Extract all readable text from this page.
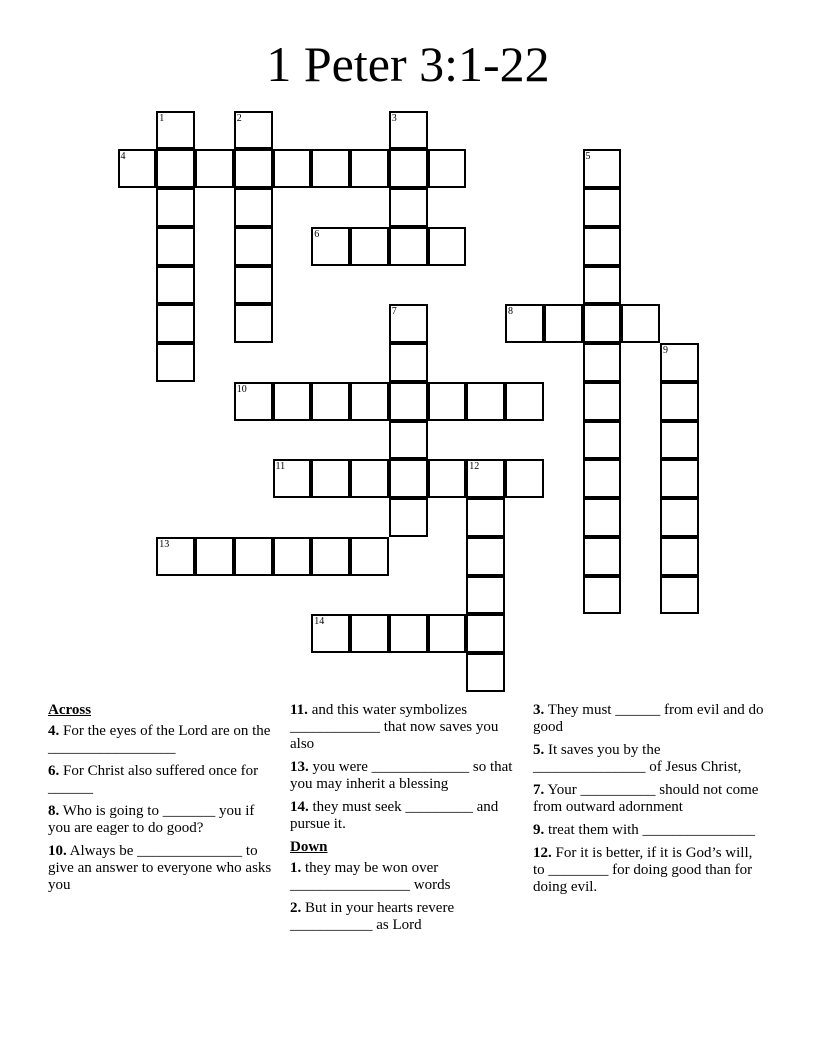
1 Peter 3:1-22
1	2	3
4	5
6
7	8
9
10
11	12
13
14
Across
4. For the eyes of the Lord are on the _________________
6. For Christ also suffered once for ______
8. Who is going to _______ you if you are eager to do good?
10. Always be ______________ to give an answer to everyone who asks you
11. and this water symbolizes ____________ that now saves you also
13. you were _____________ so that you may inherit a blessing
14. they must seek _________ and pursue it.
Down
1. they may be won over ________________ words
2. But in your hearts revere ___________ as Lord
3. They must ______ from evil and do good
5. It saves you by the _______________ of Jesus Christ,
7. Your __________ should not come from outward adornment
9. treat them with _______________
12. For it is better, if it is God’s will, to ________ for doing good than for doing evil.
